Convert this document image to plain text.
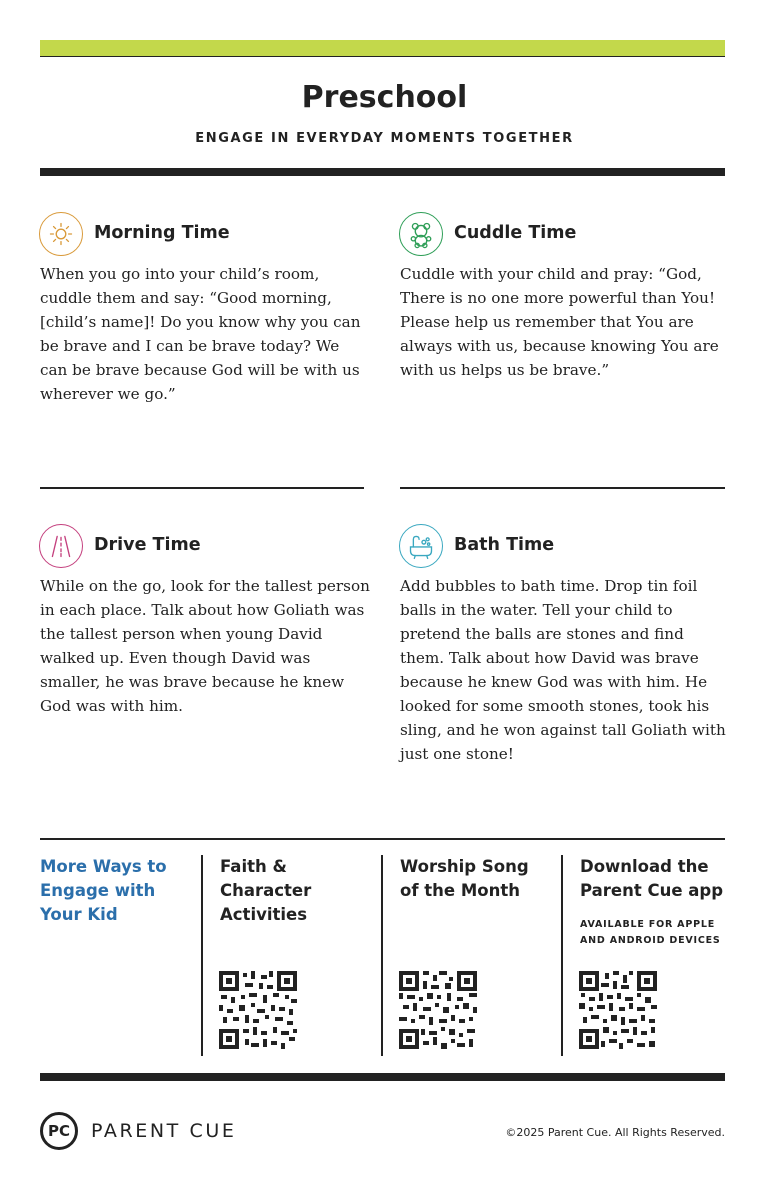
Preschool
ENGAGE IN EVERYDAY MOMENTS TOGETHER
Morning Time
When you go into your child’s room, cuddle them and say: “Good morning, [child’s name]! Do you know why you can be brave and I can be brave today? We can be brave because God will be with us wherever we go.”
Cuddle Time
Cuddle with your child and pray: “God, There is no one more powerful than You! Please help us remember that You are always with us, because knowing You are with us helps us be brave.”
Drive Time
While on the go, look for the tallest person in each place. Talk about how Goliath was the tallest person when young David walked up. Even though David was smaller, he was brave because he knew God was with him.
Bath Time
Add bubbles to bath time. Drop tin foil balls in the water. Tell your child to pretend the balls are stones and find them. Talk about how David was brave because he knew God was with him. He looked for some smooth stones, took his sling, and he won against tall Goliath with just one stone!
More Ways to Engage with Your Kid
Faith & Character Activities
Worship Song of the Month
Download the Parent Cue app
AVAILABLE FOR APPLE AND ANDROID DEVICES
PC	PARENT CUE	©2025 Parent Cue. All Rights Reserved.
